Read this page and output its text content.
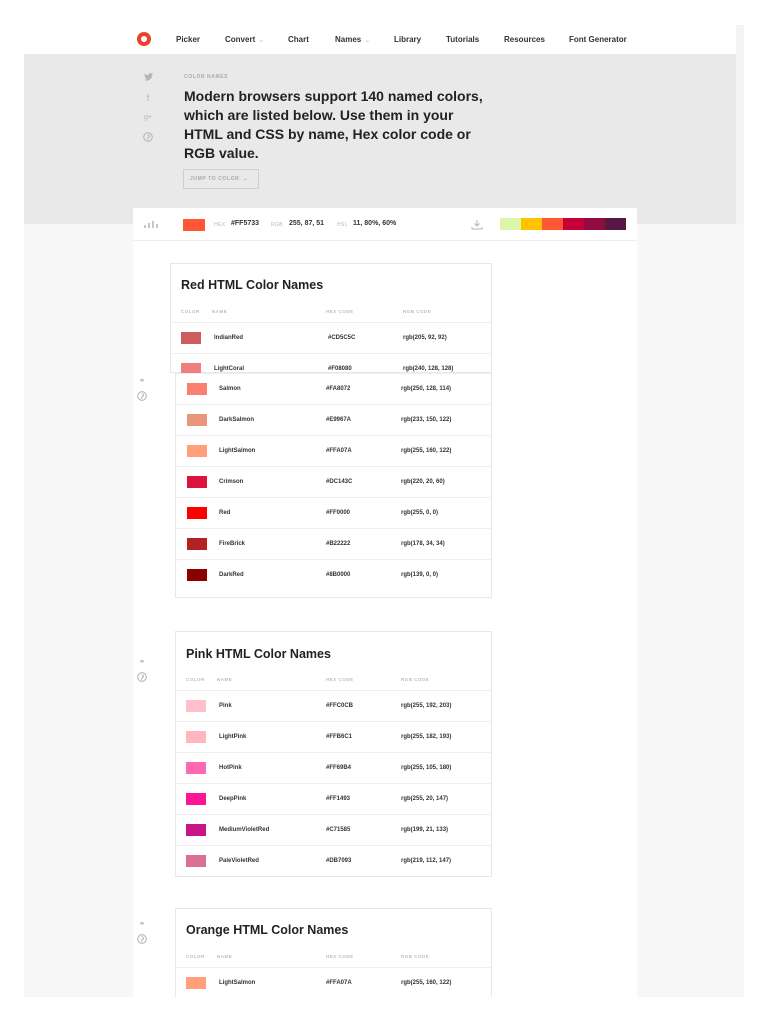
Picker	Convert ⌄	Chart	Names ⌄	Library	Tutorials	Resources	Font Generator
f
g+
COLOR NAMES
Modern browsers support 140 named colors, which are listed below. Use them in your HTML and CSS by name, Hex color code or RGB value.
JUMP TO COLOR ⌄
HEX #FF5733 RGB 255, 87, 51	HSL 11, 80%, 60%
·	·	·	·	·	·
Red HTML Color Names
COLOR	NAME	HEX CODE	RGB CODE
IndianRed	#CD5C5C	rgb(205, 92, 92)
LightCoral	#F08080	rgb(240, 128, 128)
Salmon	#FA8072	rgb(250, 128, 114)
DarkSalmon	#E9967A	rgb(233, 150, 122)
LightSalmon	#FFA07A	rgb(255, 160, 122)
Crimson	#DC143C	rgb(220, 20, 60)
Red	#FF0000	rgb(255, 0, 0)
FireBrick	#B22222	rgb(178, 34, 34)
DarkRed	#8B0000	rgb(139, 0, 0)
⚭
⚭
Pink HTML Color Names
COLOR	NAME	HEX CODE	RGB CODE
Pink	#FFC0CB	rgb(255, 192, 203)
LightPink	#FFB6C1	rgb(255, 182, 193)
HotPink	#FF69B4	rgb(255, 105, 180)
DeepPink	#FF1493	rgb(255, 20, 147)
MediumVioletRed	#C71585	rgb(199, 21, 133)
PaleVioletRed	#DB7093	rgb(219, 112, 147)
⚭	Orange HTML Color Names
COLOR	NAME	HEX CODE	RGB CODE
LightSalmon	#FFA07A	rgb(255, 160, 122)
